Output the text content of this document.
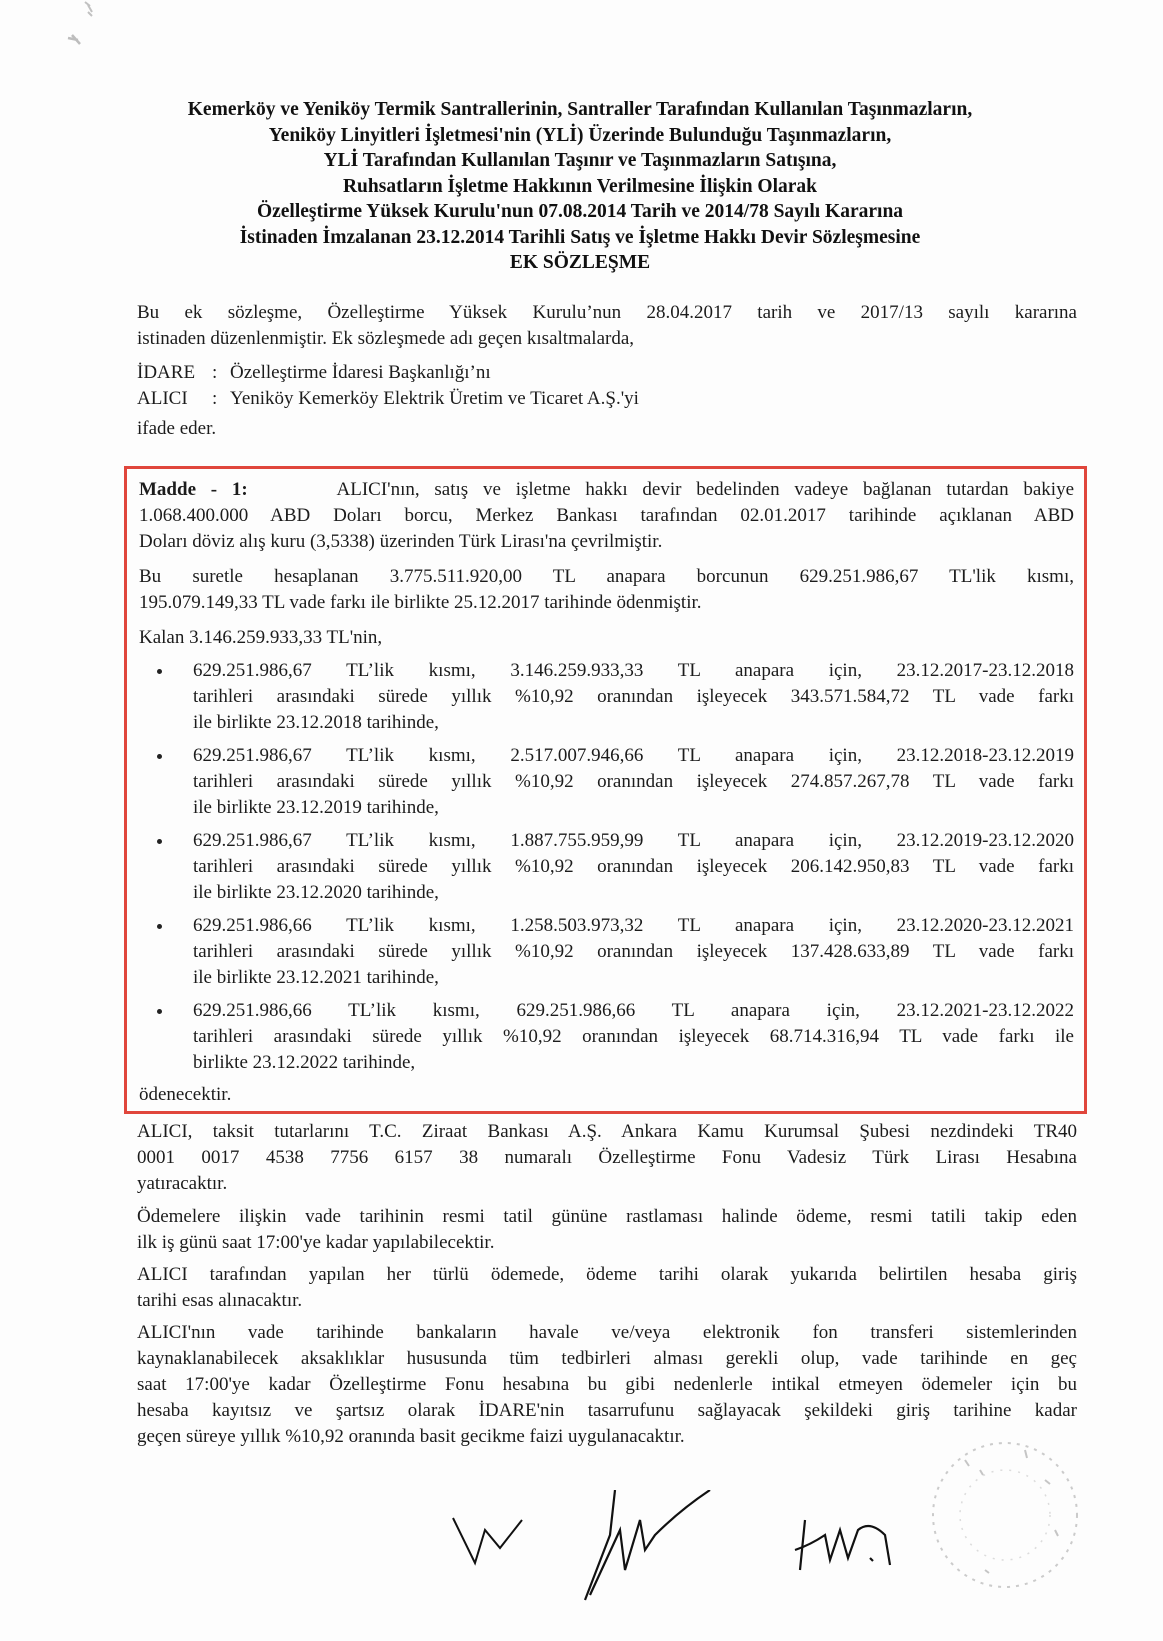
Kemerköy ve Yeniköy Termik Santrallerinin, Santraller Tarafından Kullanılan Taşınmazların,
Yeniköy Linyitleri İşletmesi'nin (YLİ) Üzerinde Bulunduğu Taşınmazların,
YLİ Tarafından Kullanılan Taşınır ve Taşınmazların Satışına,
Ruhsatların İşletme Hakkının Verilmesine İlişkin Olarak
Özelleştirme Yüksek Kurulu'nun 07.08.2014 Tarih ve 2014/78 Sayılı Kararına
İstinaden İmzalanan 23.12.2014 Tarihli Satış ve İşletme Hakkı Devir Sözleşmesine
EK SÖZLEŞME
Bu ek sözleşme, Özelleştirme Yüksek Kurulu’nun 28.04.2017 tarih ve 2017/13 sayılı kararına
istinaden düzenlenmiştir. Ek sözleşmede adı geçen kısaltmalarda,
İDARE : Özelleştirme İdaresi Başkanlığı’nı
ALICI	: Yeniköy Kemerköy Elektrik Üretim ve Ticaret A.Ş.'yi
ifade eder.
Madde - 1:	ALICI'nın, satış ve işletme hakkı devir bedelinden vadeye bağlanan tutardan bakiye
1.068.400.000 ABD Doları borcu, Merkez Bankası tarafından 02.01.2017 tarihinde açıklanan ABD
Doları döviz alış kuru (3,5338) üzerinden Türk Lirası'na çevrilmiştir.
Bu suretle hesaplanan 3.775.511.920,00 TL anapara borcunun 629.251.986,67 TL'lik kısmı,
195.079.149,33 TL vade farkı ile birlikte 25.12.2017 tarihinde ödenmiştir.
Kalan 3.146.259.933,33 TL'nin,
629.251.986,67 TL’lik kısmı, 3.146.259.933,33 TL anapara için, 23.12.2017-23.12.2018
tarihleri arasındaki sürede yıllık %10,92 oranından işleyecek 343.571.584,72 TL vade farkı
ile birlikte 23.12.2018 tarihinde,
629.251.986,67 TL’lik kısmı, 2.517.007.946,66 TL anapara için, 23.12.2018-23.12.2019
tarihleri arasındaki sürede yıllık %10,92 oranından işleyecek 274.857.267,78 TL vade farkı
ile birlikte 23.12.2019 tarihinde,
629.251.986,67 TL’lik kısmı, 1.887.755.959,99 TL anapara için, 23.12.2019-23.12.2020
tarihleri arasındaki sürede yıllık %10,92 oranından işleyecek 206.142.950,83 TL vade farkı
ile birlikte 23.12.2020 tarihinde,
629.251.986,66 TL’lik kısmı, 1.258.503.973,32 TL anapara için, 23.12.2020-23.12.2021
tarihleri arasındaki sürede yıllık %10,92 oranından işleyecek 137.428.633,89 TL vade farkı
ile birlikte 23.12.2021 tarihinde,
629.251.986,66 TL’lik kısmı, 629.251.986,66 TL anapara için, 23.12.2021-23.12.2022
tarihleri arasındaki sürede yıllık %10,92 oranından işleyecek 68.714.316,94 TL vade farkı ile
birlikte 23.12.2022 tarihinde,
ödenecektir.
ALICI, taksit tutarlarını T.C. Ziraat Bankası A.Ş. Ankara Kamu Kurumsal Şubesi nezdindeki TR40
0001 0017 4538 7756 6157 38 numaralı Özelleştirme Fonu Vadesiz Türk Lirası Hesabına
yatıracaktır.
Ödemelere ilişkin vade tarihinin resmi tatil gününe rastlaması halinde ödeme, resmi tatili takip eden
ilk iş günü saat 17:00'ye kadar yapılabilecektir.
ALICI tarafından yapılan her türlü ödemede, ödeme tarihi olarak yukarıda belirtilen hesaba giriş
tarihi esas alınacaktır.
ALICI'nın vade tarihinde bankaların havale ve/veya elektronik fon transferi sistemlerinden
kaynaklanabilecek aksaklıklar hususunda tüm tedbirleri alması gerekli olup, vade tarihinde en geç
saat 17:00'ye kadar Özelleştirme Fonu hesabına bu gibi nedenlerle intikal etmeyen ödemeler için bu
hesaba kayıtsız ve şartsız olarak İDARE'nin tasarrufunu sağlayacak şekildeki giriş tarihine kadar
geçen süreye yıllık %10,92 oranında basit gecikme faizi uygulanacaktır.
